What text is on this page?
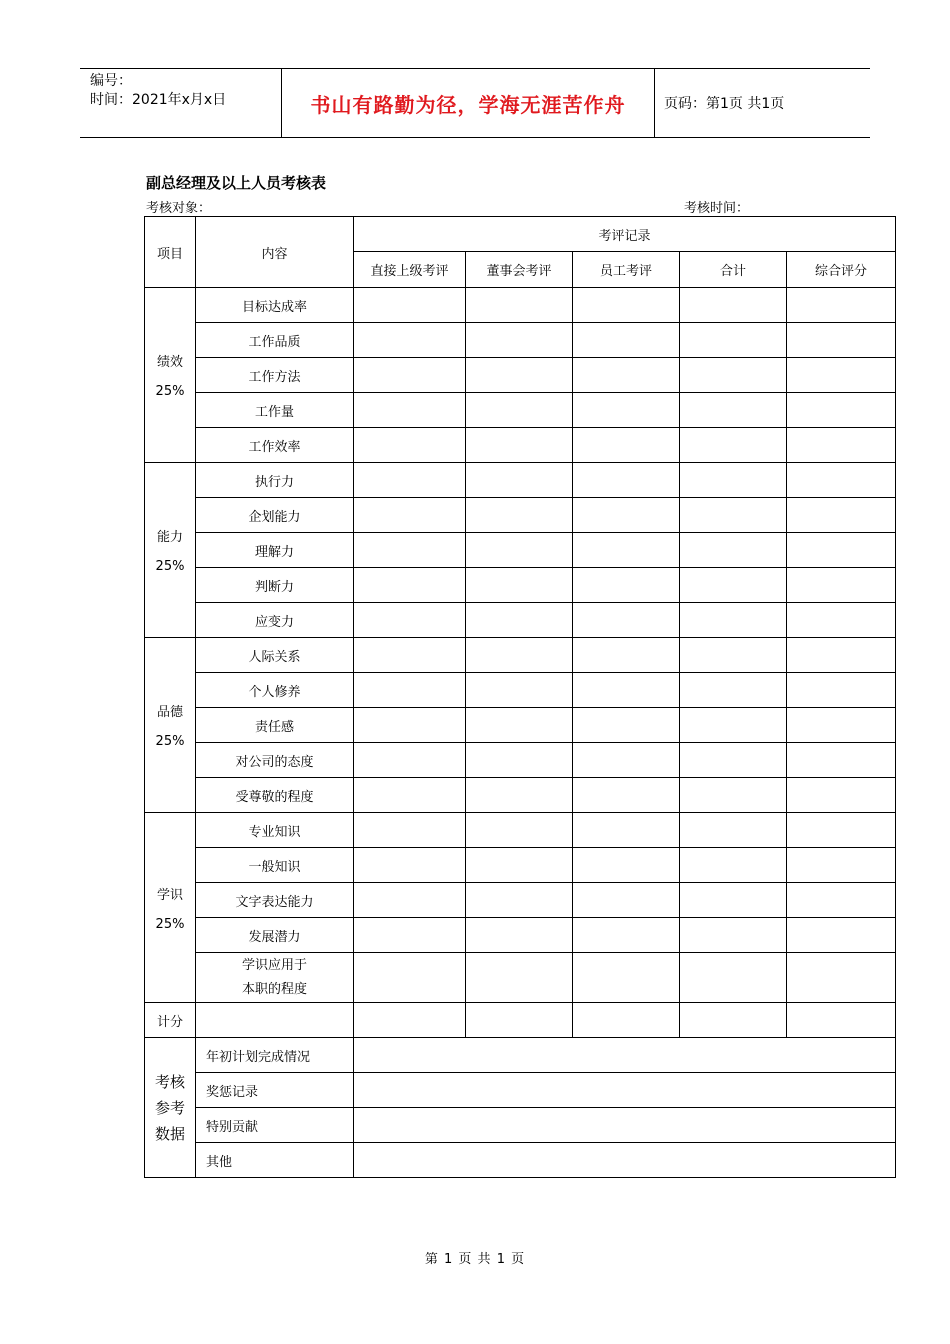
编号：
时间：2021年x月x日	书山有路勤为径，学海无涯苦作舟	页码：第1页 共1页
副总经理及以上人员考核表
考核对象：	考核时间：
项目	内容	考评记录				
		直接上级考评	董事会考评	员工考评	合计	综合评分

绩效
25%	目标达成率					
	工作品质					
	工作方法					
	工作量					
	工作效率					

能力
25%	执行力					
	企划能力					
	理解力					
	判断力					
	应变力					

品德
25%	人际关系					
	个人修养					
	责任感					
	对公司的态度					
	受尊敬的程度					

学识
25%	专业知识					
	一般知识					
	文字表达能力					
	发展潜力					

	学识应用于
本职的程度					

计分						

考核
参考
数据	年初计划完成情况					
	奖惩记录					
	特别贡献					
	其他					
第 1 页 共 1 页
